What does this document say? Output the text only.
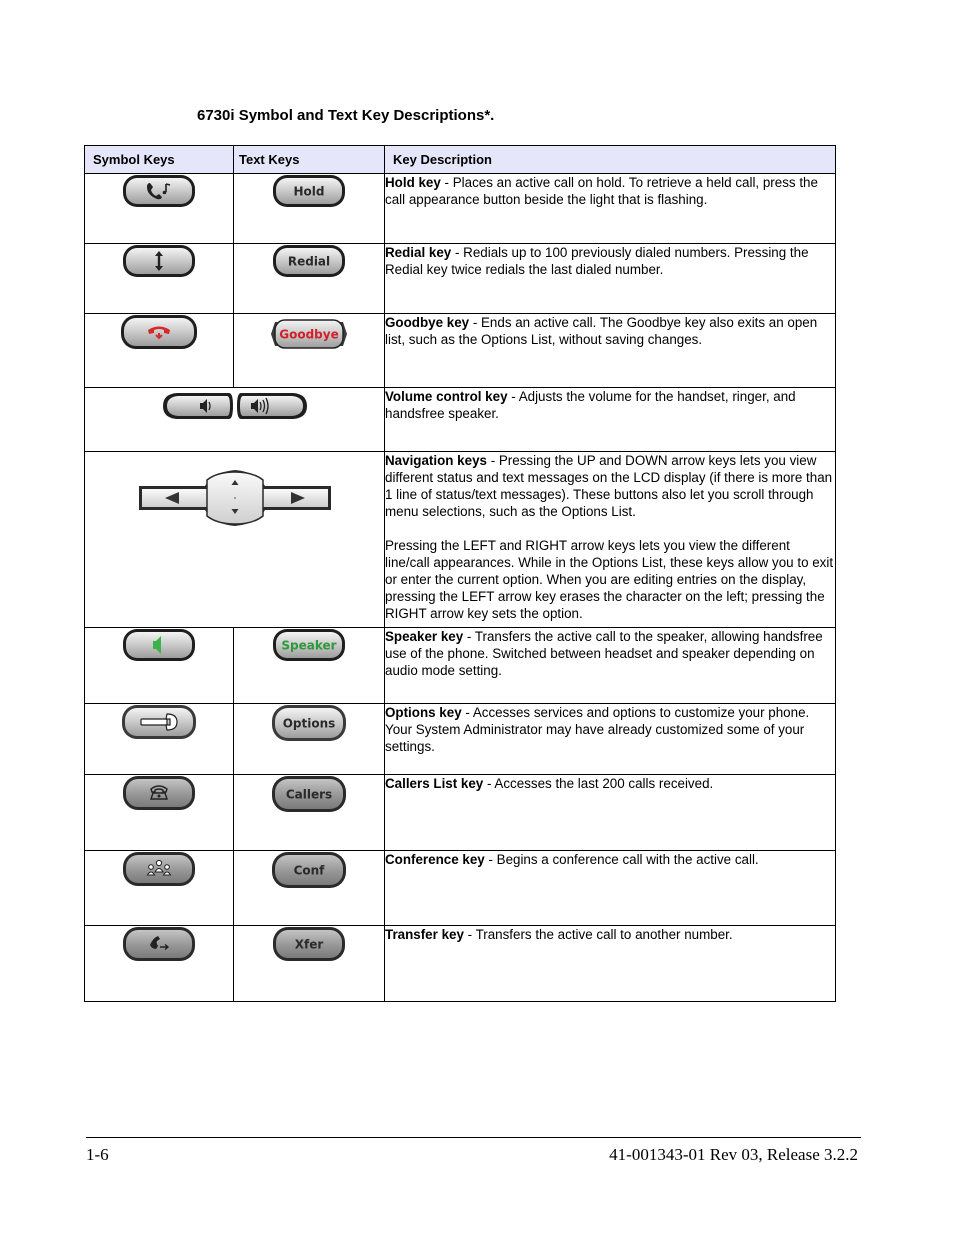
6730i Symbol and Text Key Descriptions*.
Symbol Keys	Text Keys	Key Description

Hold	Hold key - Places an active call on hold. To retrieve a held call, press the call appearance button beside the light that is flashing.

Redial	Redial key - Redials up to 100 previously dialed numbers. Pressing the Redial key twice redials the last dialed number.

Goodbye	Goodbye key - Ends an active call. The Goodbye key also exits an open list, such as the Options List, without saving changes.
	Volume control key - Adjusts the volume for the handset, ringer, and handsfree speaker.

Navigation keys - Pressing the UP and DOWN arrow keys lets you view different status and text messages on the LCD display (if there is more than 1 line of status/text messages). These buttons also let you scroll through menu selections, such as the Options List.
Pressing the LEFT and RIGHT arrow keys lets you view the different line/call appearances. While in the Options List, these keys allow you to exit or enter the current option. When you are editing entries on the display, pressing the LEFT arrow key erases the character on the left; pressing the RIGHT arrow key sets the option.

Speaker	Speaker key - Transfers the active call to the speaker, allowing handsfree use of the phone. Switched between headset and speaker depending on audio mode setting.

Options	Options key - Accesses services and options to customize your phone. Your System Administrator may have already customized some of your settings.

Callers	Callers List key - Accesses the last 200 calls received.

Conf	Conference key - Begins a conference call with the active call.

Xfer	Transfer key - Transfers the active call to another number.
1-6	41-001343-01 Rev 03, Release 3.2.2
